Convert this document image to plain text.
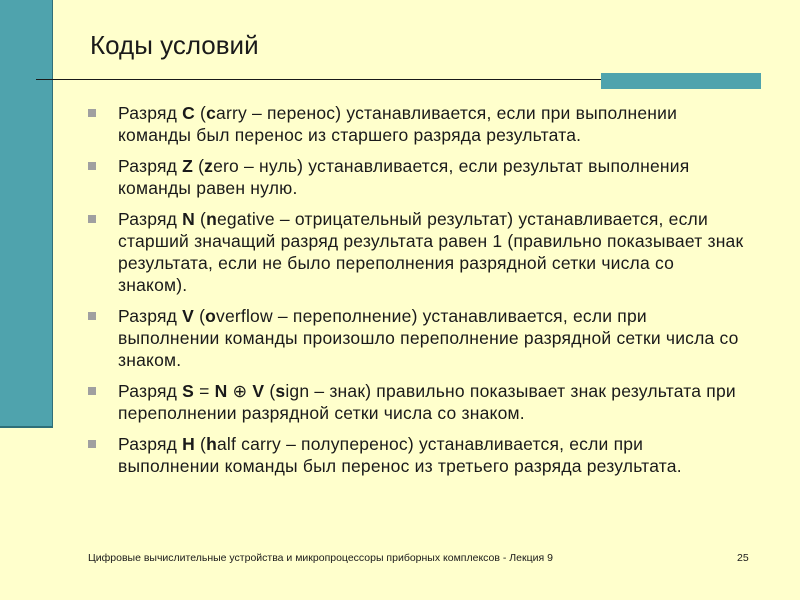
Коды условий
Разряд C (carry – перенос) устанавливается, если при выполнении команды был перенос из старшего разряда результата.
Разряд Z (zero – нуль) устанавливается, если результат выполнения команды равен нулю.
Разряд N (negative – отрицательный результат) устанавливается, если старший значащий разряд результата равен 1 (правильно показывает знак результата, если не было переполнения разрядной сетки числа со знаком).
Разряд V (overflow – переполнение) устанавливается, если при выполнении команды произошло переполнение разрядной сетки числа со знаком.
Разряд S = N ⊕ V (sign – знак) правильно показывает знак результата при переполнении разрядной сетки числа со знаком.
Разряд H (half carry – полуперенос) устанавливается, если при выполнении команды был перенос из третьего разряда результата.
Цифровые вычислительные устройства и микропроцессоры приборных комплексов - Лекция 9	25
